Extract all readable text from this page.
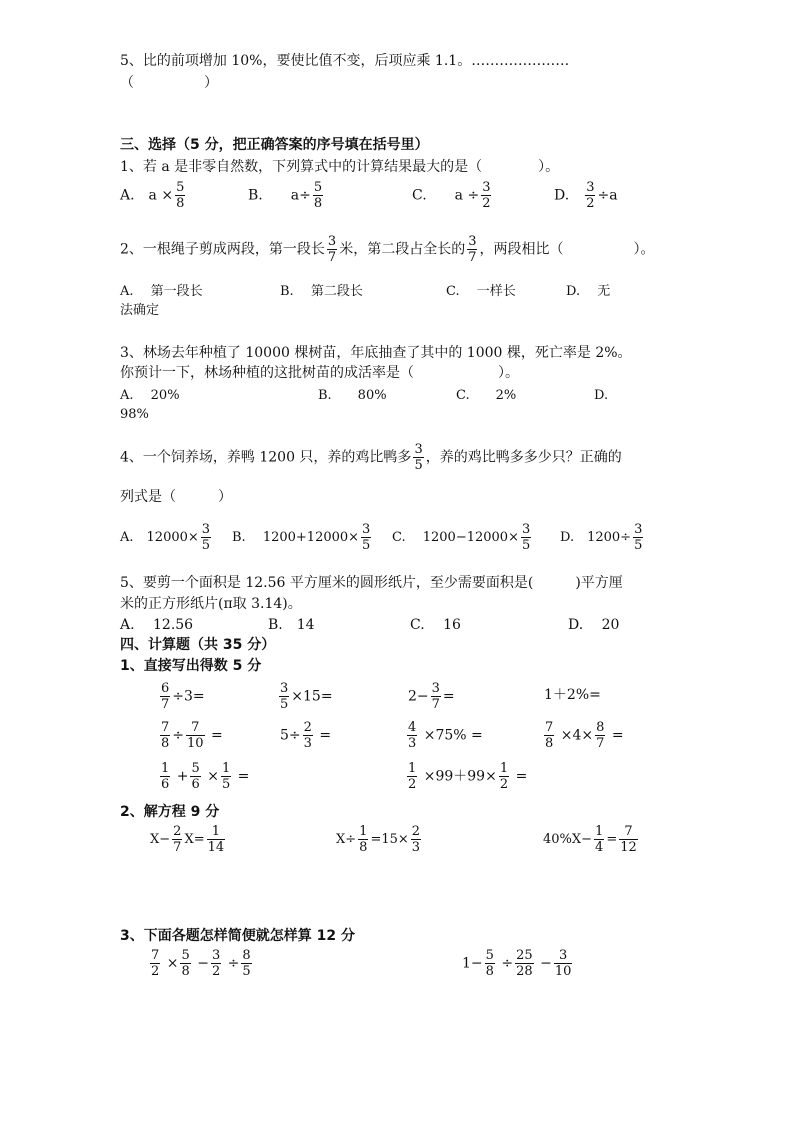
5、比的前项增加 10%，要使比值不变，后项应乘 1.1。…………………
（　　　　　）
三、选择（5 分，把正确答案的序号填在括号里）
1、若 a 是非零自然数，下列算式中的计算结果最大的是（　　　　）。
A.　$a \times \frac{5}{8}$	B.　　$a\div \frac{5}{8}$	C.　　$a \div \frac{3}{2}$	D.　 $\frac{3}{2} \div a$
2、一根绳子剪成两段，第一段长 $\frac{3}{7}$ 米，第二段占全长的 $\frac{3}{7}$ ，两段相比（　　　　　）。
A.　 第一段长	B.　 第二段长	C.　 一样长	D.　 无
法确定
3、林场去年种植了 10000 棵树苗，年底抽查了其中的 1000 棵，死亡率是 2%。
你预计一下，林场种植的这批树苗的成活率是（　　　　　　）。
A.　 20%	B.　　80%	C.　　2%	D.
98%
4、一个饲养场，养鸭 1200 只，养的鸡比鸭多 $\frac{3}{5}$ ，养的鸡比鸭多多少只？正确的
列式是（　　　）
A.　$12000\times \frac{3}{5} B$.　 $1200+12000\times \frac{3}{5} C$.　 $1200-12000\times \frac{3}{5} D$.　$1200\div \frac{3}{5}$
5、要剪一个面积是 12.56 平方厘米的圆形纸片，至少需要面积是(　　　)平方厘
米的正方形纸片(π取 3.14)。
A.　 12.56	B.　14	C.　 16	D.　 20
四、计算题（共 35 分）
1、直接写出得数 5 分
$\frac{6}{7} \div 3=$	$\frac{3}{5} \times 15=$	$2- \frac{3}{7}$ =	1＋2%=
$\frac{7}{8} \div \frac{7}{10}$ =	$5\div \frac{2}{3}$ =	$\frac{4}{3} \times 75\%$ =	$\frac{7}{8} \times 4\times \frac{8}{7}$ =
$\frac{1}{6} + \frac{5}{6} \times \frac{1}{5}$ =	$\frac{1}{2} \times 99+99\times \frac{1}{2}$ =
2、解方程 9 分
$X- \frac{2}{7} X= \frac{1}{14}$	$X\div \frac{1}{8} =15\times \frac{2}{3}$	$40\%X- \frac{1}{4} = \frac{7}{12}$
3、下面各题怎样简便就怎样算 12 分
$\frac{7}{2} \times \frac{5}{8} - \frac{3}{2} \div \frac{8}{5}$	$1- \frac{5}{8} \div \frac{25}{28} - \frac{3}{10}$
